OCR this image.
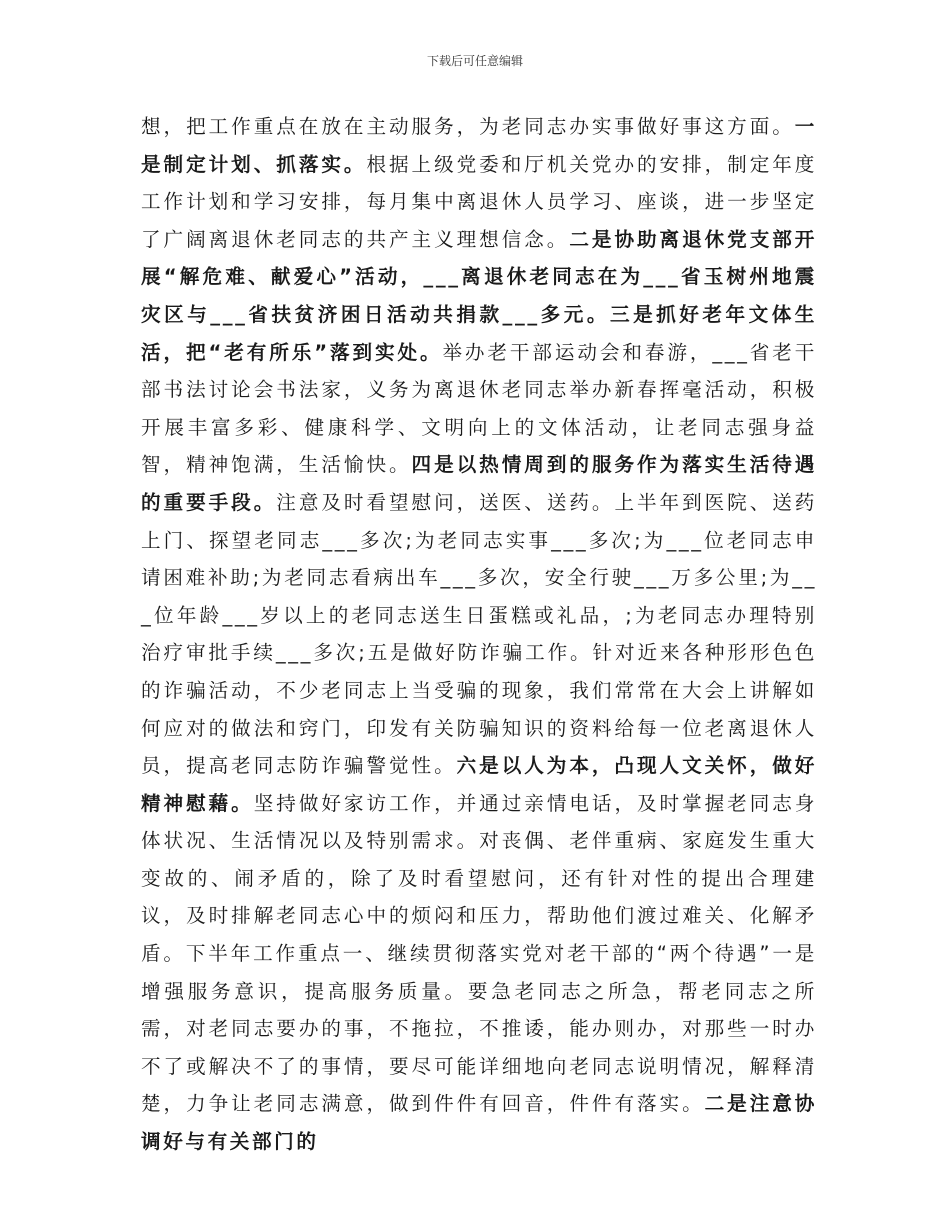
下载后可任意编辑
想，把工作重点在放在主动服务，为老同志办实事做好事这方面。一是制定计划、抓落实。根据上级党委和厅机关党办的安排，制定年度工作计划和学习安排，每月集中离退休人员学习、座谈，进一步坚定了广阔离退休老同志的共产主义理想信念。二是协助离退休党支部开展“解危难、献爱心”活动，___离退休老同志在为___省玉树州地震灾区与___省扶贫济困日活动共捐款___多元。三是抓好老年文体生活，把“老有所乐”落到实处。举办老干部运动会和春游，___省老干部书法讨论会书法家，义务为离退休老同志举办新春挥毫活动，积极开展丰富多彩、健康科学、文明向上的文体活动，让老同志强身益智，精神饱满，生活愉快。四是以热情周到的服务作为落实生活待遇的重要手段。注意及时看望慰问，送医、送药。上半年到医院、送药上门、探望老同志___多次;为老同志实事___多次;为___位老同志申请困难补助;为老同志看病出车___多次，安全行驶___万多公里;为___位年龄___岁以上的老同志送生日蛋糕或礼品，;为老同志办理特别治疗审批手续___多次;五是做好防诈骗工作。针对近来各种形形色色的诈骗活动，不少老同志上当受骗的现象，我们常常在大会上讲解如何应对的做法和窍门，印发有关防骗知识的资料给每一位老离退休人员，提高老同志防诈骗警觉性。六是以人为本，凸现人文关怀，做好精神慰藉。坚持做好家访工作，并通过亲情电话，及时掌握老同志身体状况、生活情况以及特别需求。对丧偶、老伴重病、家庭发生重大变故的、闹矛盾的，除了及时看望慰问，还有针对性的提出合理建议，及时排解老同志心中的烦闷和压力，帮助他们渡过难关、化解矛盾。下半年工作重点一、继续贯彻落实党对老干部的“两个待遇”一是增强服务意识，提高服务质量。要急老同志之所急，帮老同志之所需，对老同志要办的事，不拖拉，不推诿，能办则办，对那些一时办不了或解决不了的事情，要尽可能详细地向老同志说明情况，解释清楚，力争让老同志满意，做到件件有回音，件件有落实。二是注意协调好与有关部门的
